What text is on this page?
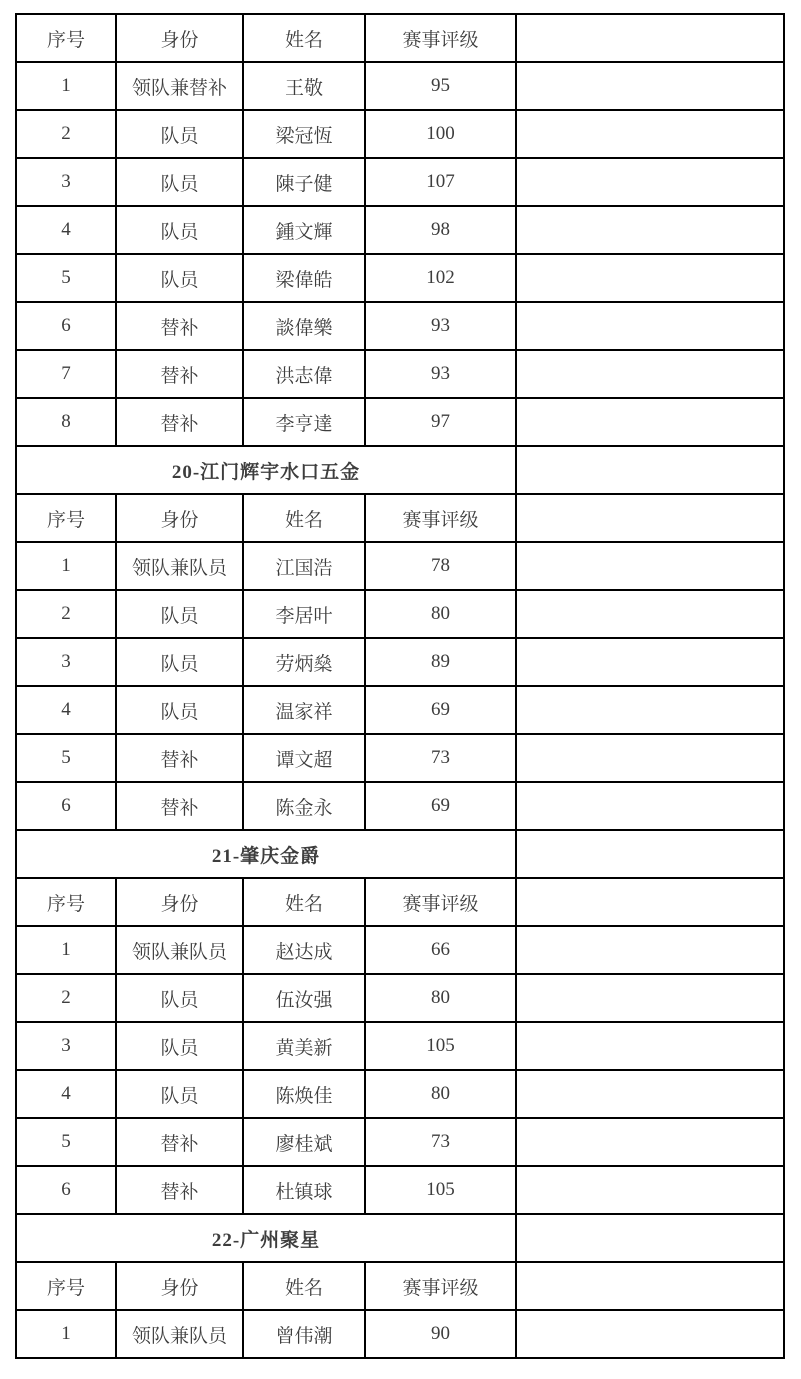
序号	身份	姓名	赛事评级	
1	领队兼替补	王敬	95	
2	队员	梁冠恆	100	
3	队员	陳子健	107	
4	队员	鍾文輝	98	
5	队员	梁偉皓	102	
6	替补	談偉樂	93	
7	替补	洪志偉	93	
8	替补	李亨達	97	
20-江门辉宇水口五金				
序号	身份	姓名	赛事评级	
1	领队兼队员	江国浩	78	
2	队员	李居叶	80	
3	队员	劳炳燊	89	
4	队员	温家祥	69	
5	替补	谭文超	73	
6	替补	陈金永	69	
21-肇庆金爵				
序号	身份	姓名	赛事评级	
1	领队兼队员	赵达成	66	
2	队员	伍汝强	80	
3	队员	黄美新	105	
4	队员	陈焕佳	80	
5	替补	廖桂斌	73	
6	替补	杜镇球	105	
22-广州聚星				
序号	身份	姓名	赛事评级	
1	领队兼队员	曾伟潮	90	
